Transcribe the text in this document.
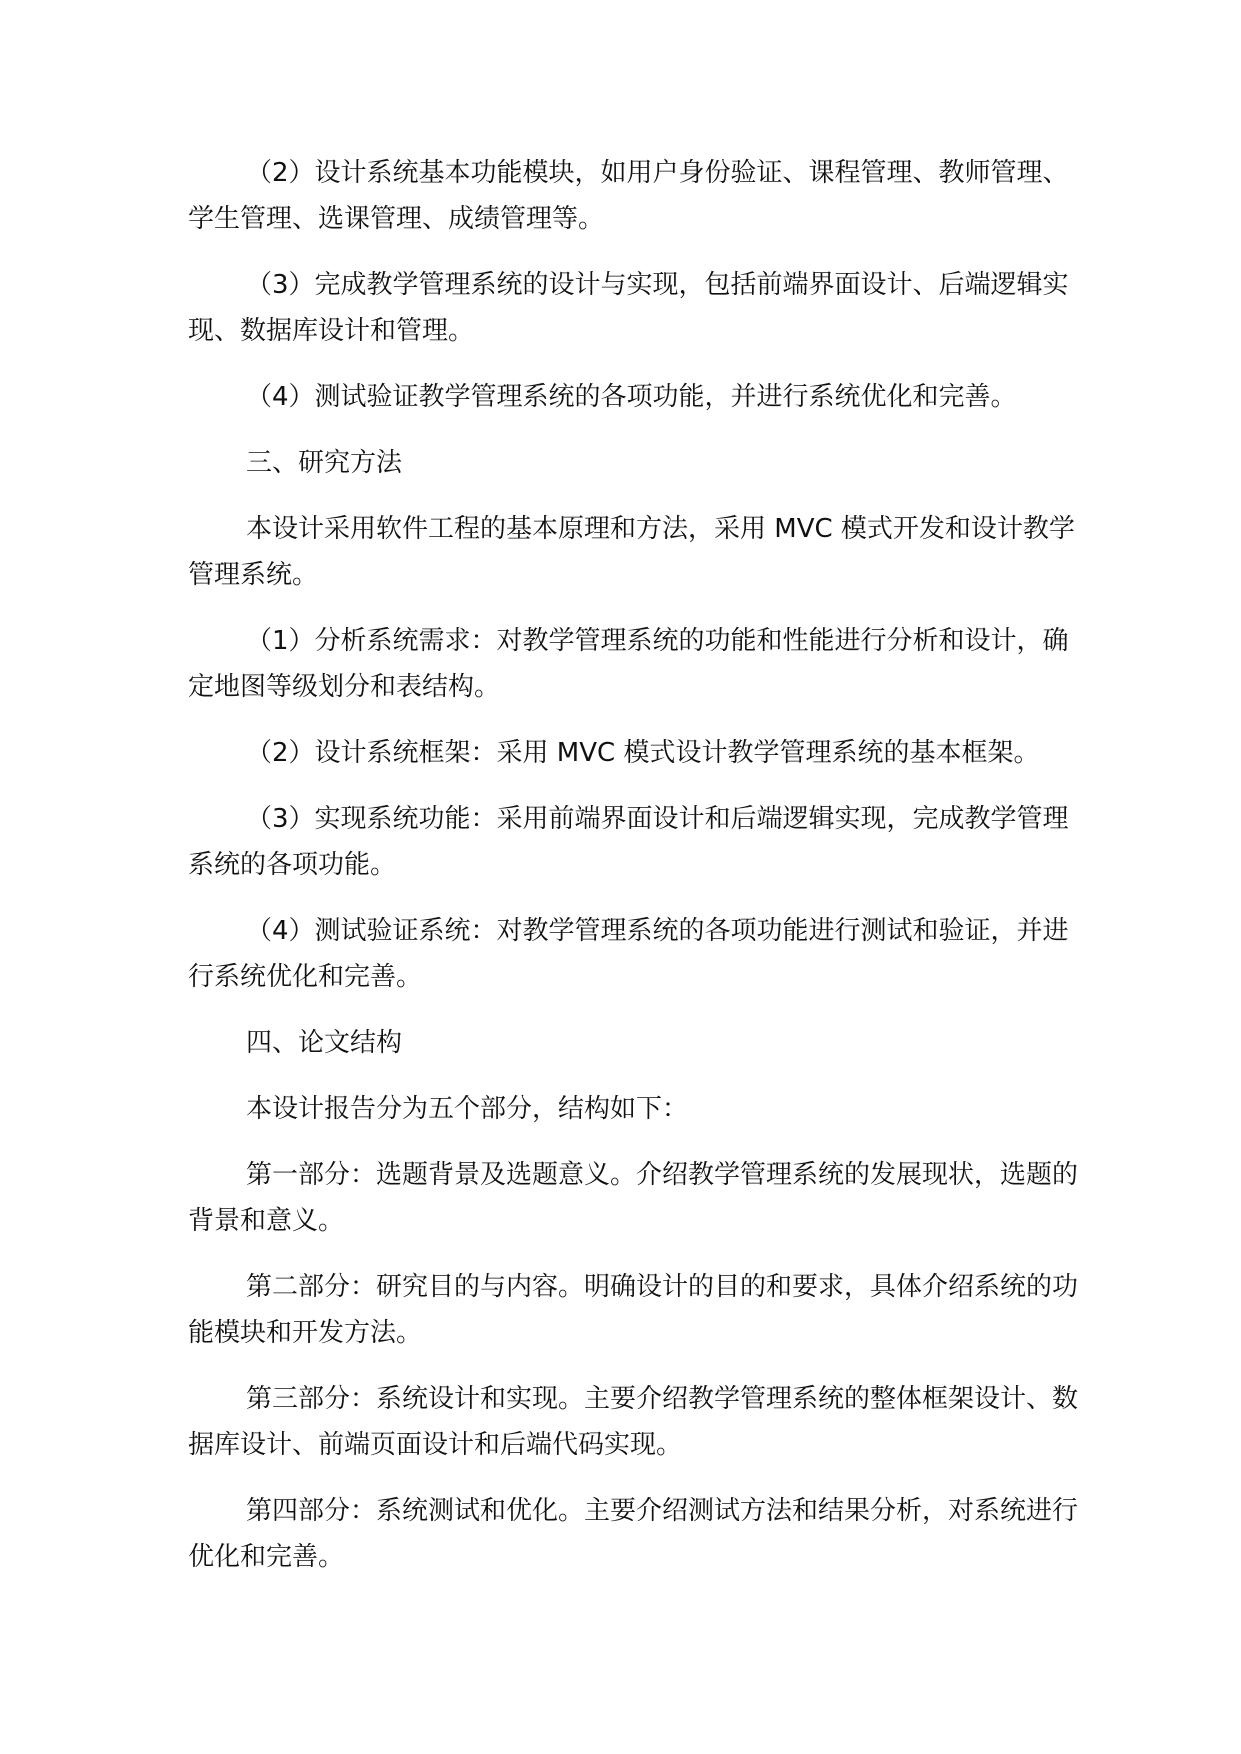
（2）设计系统基本功能模块，如用户身份验证、课程管理、教师管理、学生管理、选课管理、成绩管理等。

（3）完成教学管理系统的设计与实现，包括前端界面设计、后端逻辑实现、数据库设计和管理。

（4）测试验证教学管理系统的各项功能，并进行系统优化和完善。

三、研究方法

本设计采用软件工程的基本原理和方法，采用 MVC 模式开发和设计教学管理系统。

（1）分析系统需求：对教学管理系统的功能和性能进行分析和设计，确定地图等级划分和表结构。

（2）设计系统框架：采用 MVC 模式设计教学管理系统的基本框架。

（3）实现系统功能：采用前端界面设计和后端逻辑实现，完成教学管理系统的各项功能。

（4）测试验证系统：对教学管理系统的各项功能进行测试和验证，并进行系统优化和完善。

四、论文结构

本设计报告分为五个部分，结构如下：

第一部分：选题背景及选题意义。介绍教学管理系统的发展现状，选题的背景和意义。

第二部分：研究目的与内容。明确设计的目的和要求，具体介绍系统的功能模块和开发方法。

第三部分：系统设计和实现。主要介绍教学管理系统的整体框架设计、数据库设计、前端页面设计和后端代码实现。

第四部分：系统测试和优化。主要介绍测试方法和结果分析，对系统进行优化和完善。
